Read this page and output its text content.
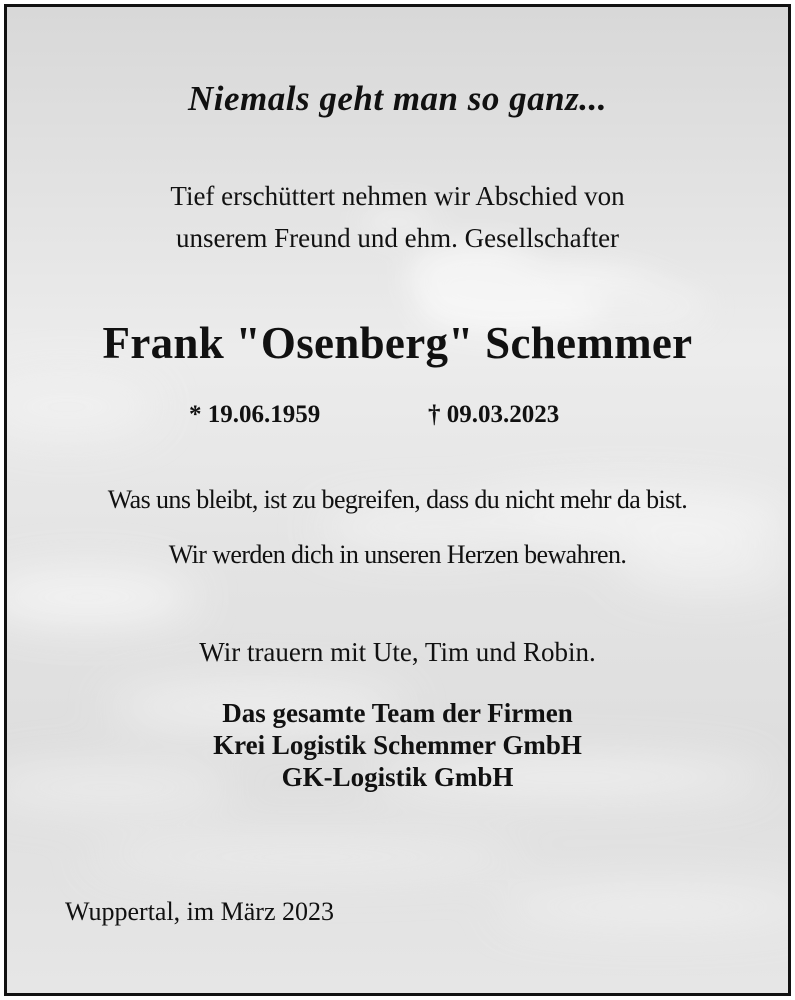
Niemals geht man so ganz...
Tief erschüttert nehmen wir Abschied von
unserem Freund und ehm. Gesellschafter
Frank "Osenberg" Schemmer
* 19.06.1959	† 09.03.2023
Was uns bleibt, ist zu begreifen, dass du nicht mehr da bist.
Wir werden dich in unseren Herzen bewahren.
Wir trauern mit Ute, Tim und Robin.
Das gesamte Team der Firmen
Krei Logistik Schemmer GmbH
GK-Logistik GmbH
Wuppertal, im März 2023
